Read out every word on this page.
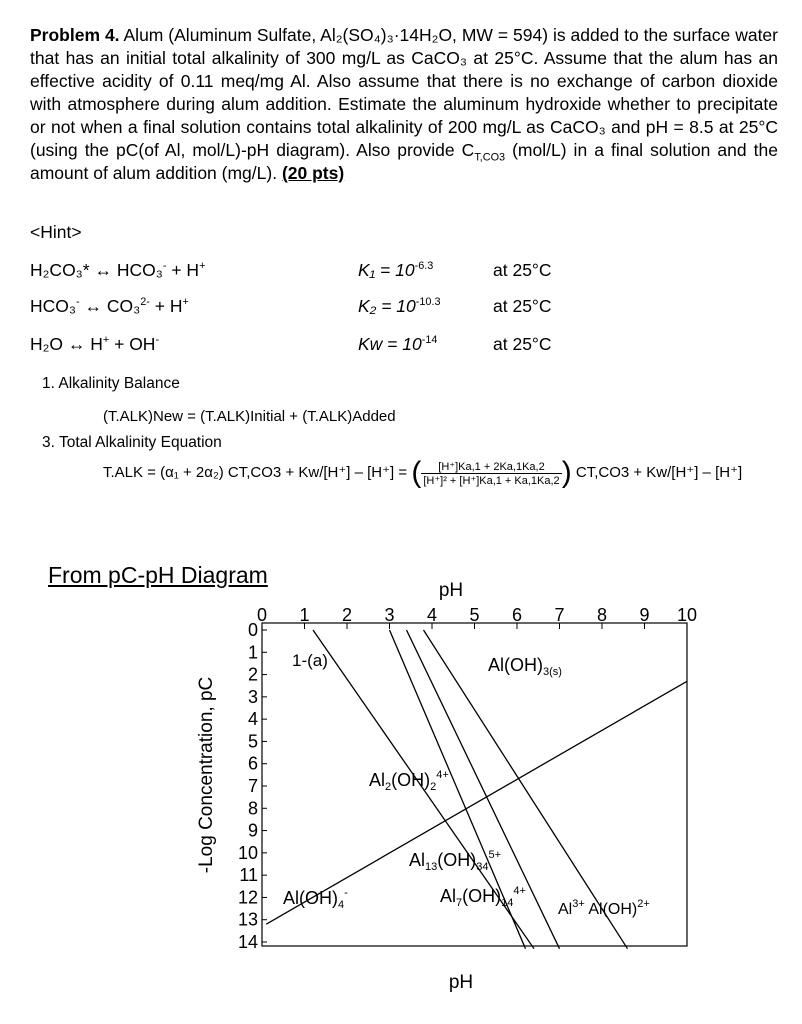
Problem 4. Alum (Aluminum Sulfate, Al₂(SO₄)₃·14H₂O, MW = 594) is added to the surface water that has an initial total alkalinity of 300 mg/L as CaCO₃ at 25°C. Assume that the alum has an effective acidity of 0.11 meq/mg Al. Also assume that there is no exchange of carbon dioxide with atmosphere during alum addition. Estimate the aluminum hydroxide whether to precipitate or not when a final solution contains total alkalinity of 200 mg/L as CaCO₃ and pH = 8.5 at 25°C (using the pC(of Al, mol/L)-pH diagram). Also provide $C_{T,CO3}$ (mol/L) in a final solution and the amount of alum addition (mg/L). (20 pts)
<Hint>
H₂CO₃* ↔ HCO₃- + H+	$K_1 = 10^{-6.3}$	at 25°C
HCO₃- ↔ CO₃$^{2-}$ + H+	$K_2 = 10^{-10.3}$	at 25°C
H₂O ↔ H+ + OH-	$Kw = 10^{-14}$	at 25°C
1. Alkalinity Balance
(T.ALK)New = (T.ALK)Initial + (T.ALK)Added
3. Total Alkalinity Equation
T.ALK = (α₁ + 2α₂) CT,CO3 + Kw/[H⁺] – [H⁺] = ( $\frac{[H^+]Ka,1 + 2Ka,1Ka,2}{\text{[H⁺]² + [H⁺]Ka,1 + Ka,1Ka,2}}$ ) CT,CO3 + Kw/[H⁺] – [H⁺]
From pC-pH Diagram
0 1 2 3 4 5 6 7 8 9 10
0
1
2
3
4
5
6
7
8
9
10
11
12
13
14
pH
pH
-Log Concentration, pC
1-(a)	$Al(OH)_{3(s)}$
$Al_2(OH)_2^{4+}$
$Al(OH)_4^-$
$Al_{13}(OH)_{34}^{5+}$
$Al_7(OH)_{14}^{4+}$
$Al^{3+}$ Al(OH)$^{2+}$
